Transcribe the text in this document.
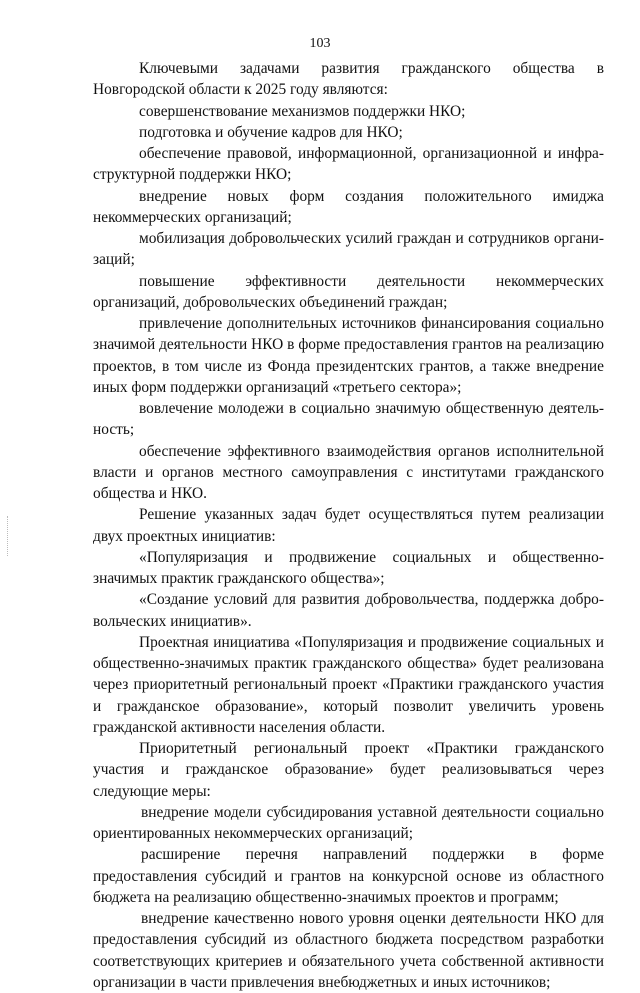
103

Ключевыми задачами развития гражданского общества в Новгородской области к 2025 году являются:

совершенствование механизмов поддержки НКО;

подготовка и обучение кадров для НКО;

обеспечение правовой, информационной, организационной и инфраструктурной поддержки НКО;

внедрение новых форм создания положительного имиджа некоммерческих организаций;

мобилизация добровольческих усилий граждан и сотрудников организаций;

повышение эффективности деятельности некоммерческих организаций, добровольческих объединений граждан;

привлечение дополнительных источников финансирования социально значимой деятельности НКО в форме предоставления грантов на реализацию проектов, в том числе из Фонда президентских грантов, а также внедрение иных форм поддержки организаций «третьего сектора»;

вовлечение молодежи в социально значимую общественную деятельность;

обеспечение эффективного взаимодействия органов исполнительной власти и органов местного самоуправления с институтами гражданского общества и НКО.

Решение указанных задач будет осуществляться путем реализации двух проектных инициатив:

«Популяризация и продвижение социальных и общественно-значимых практик гражданского общества»;

«Создание условий для развития добровольчества, поддержка добровольческих инициатив».

Проектная инициатива «Популяризация и продвижение социальных и общественно-значимых практик гражданского общества» будет реализована через приоритетный региональный проект «Практики гражданского участия и гражданское образование», который позволит увеличить уровень гражданской активности населения области.

Приоритетный региональный проект «Практики гражданского участия и гражданское образование» будет реализовываться через следующие меры:

внедрение модели субсидирования уставной деятельности социально ориентированных некоммерческих организаций;

расширение перечня направлений поддержки в форме предоставления субсидий и грантов на конкурсной основе из областного бюджета на реализацию общественно-значимых проектов и программ;

внедрение качественно нового уровня оценки деятельности НКО для предоставления субсидий из областного бюджета посредством разработки соответствующих критериев и обязательного учета собственной активности организации в части привлечения внебюджетных и иных источников;
